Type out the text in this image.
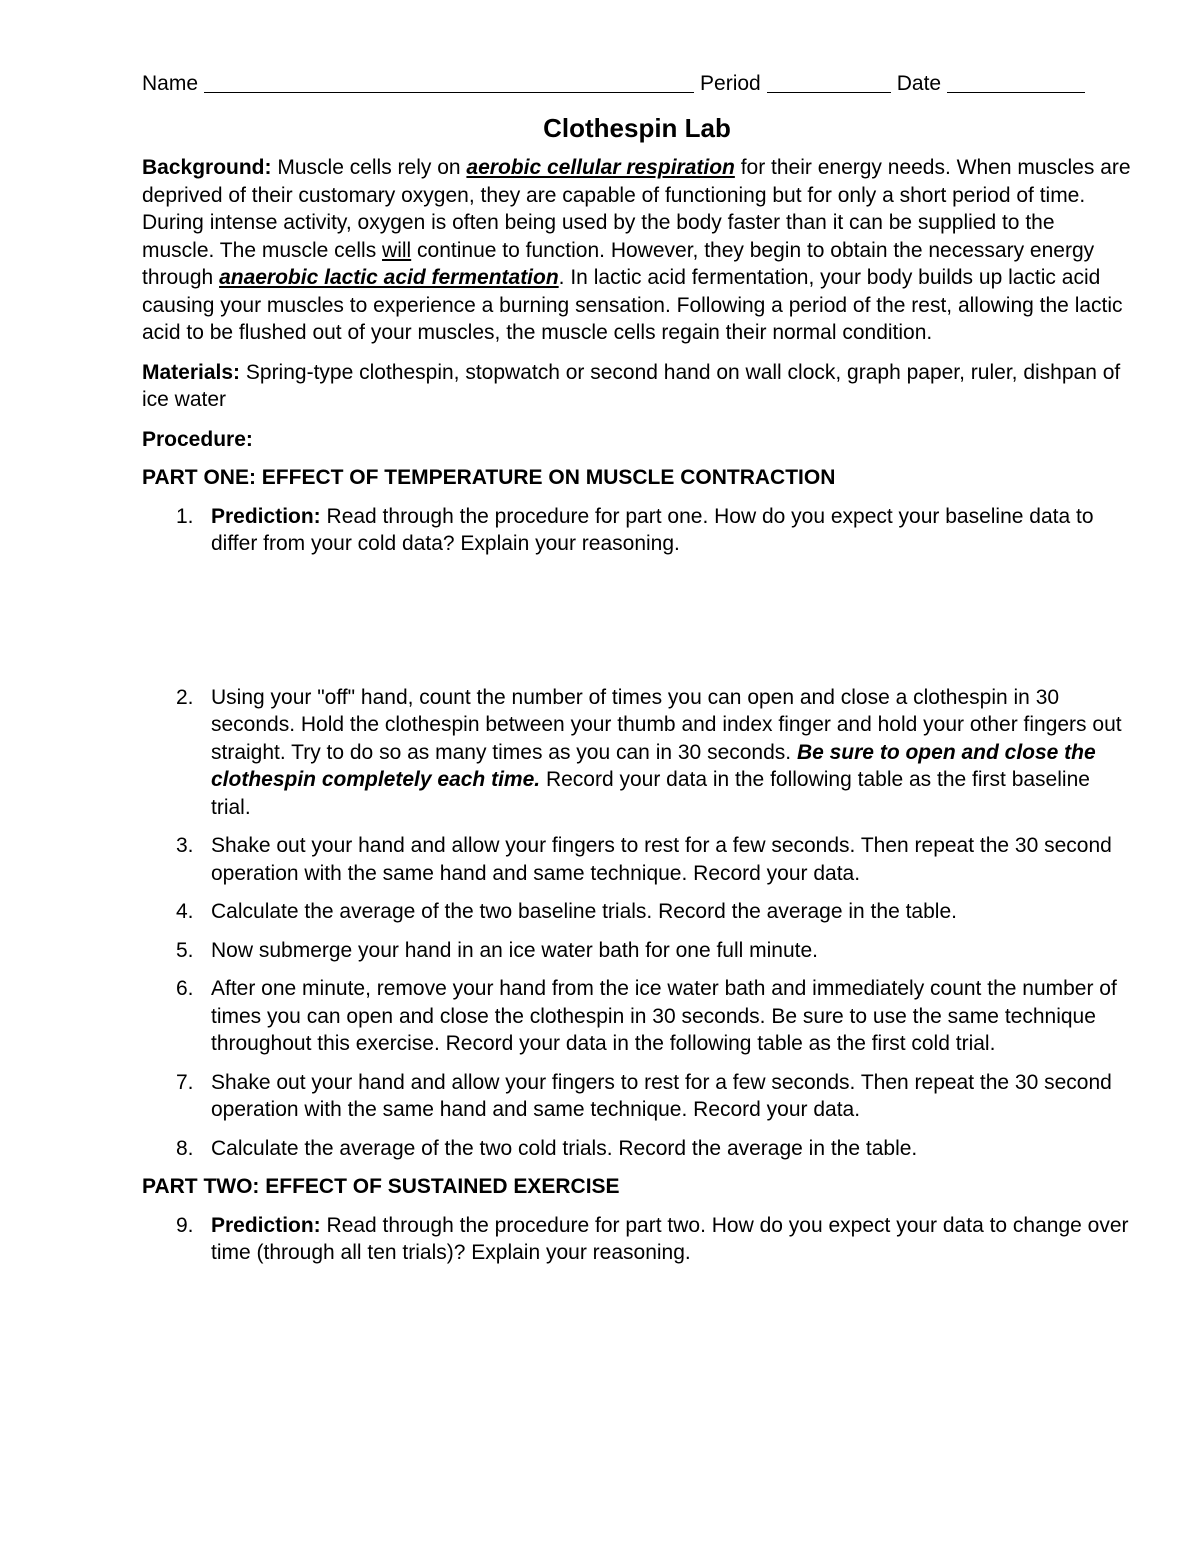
Name	Period	Date
Clothespin Lab

Background: Muscle cells rely on aerobic cellular respiration for their energy needs. When muscles are deprived of their customary oxygen, they are capable of functioning but for only a short period of time. During intense activity, oxygen is often being used by the body faster than it can be supplied to the muscle. The muscle cells will continue to function. However, they begin to obtain the necessary energy through anaerobic lactic acid fermentation. In lactic acid fermentation, your body builds up lactic acid causing your muscles to experience a burning sensation. Following a period of the rest, allowing the lactic acid to be flushed out of your muscles, the muscle cells regain their normal condition.

Materials: Spring-type clothespin, stopwatch or second hand on wall clock, graph paper, ruler, dishpan of ice water

Procedure:
PART ONE: EFFECT OF TEMPERATURE ON MUSCLE CONTRACTION
1. Prediction: Read through the procedure for part one. How do you expect your baseline data to differ from your cold data? Explain your reasoning.
2. Using your "off" hand, count the number of times you can open and close a clothespin in 30 seconds. Hold the clothespin between your thumb and index finger and hold your other fingers out straight. Try to do so as many times as you can in 30 seconds. Be sure to open and close the clothespin completely each time. Record your data in the following table as the first baseline trial.
3. Shake out your hand and allow your fingers to rest for a few seconds. Then repeat the 30 second operation with the same hand and same technique. Record your data.
4. Calculate the average of the two baseline trials. Record the average in the table.
5. Now submerge your hand in an ice water bath for one full minute.
6. After one minute, remove your hand from the ice water bath and immediately count the number of times you can open and close the clothespin in 30 seconds. Be sure to use the same technique throughout this exercise. Record your data in the following table as the first cold trial.
7. Shake out your hand and allow your fingers to rest for a few seconds. Then repeat the 30 second operation with the same hand and same technique. Record your data.
8. Calculate the average of the two cold trials. Record the average in the table.
PART TWO: EFFECT OF SUSTAINED EXERCISE
9. Prediction: Read through the procedure for part two. How do you expect your data to change over time (through all ten trials)? Explain your reasoning.
